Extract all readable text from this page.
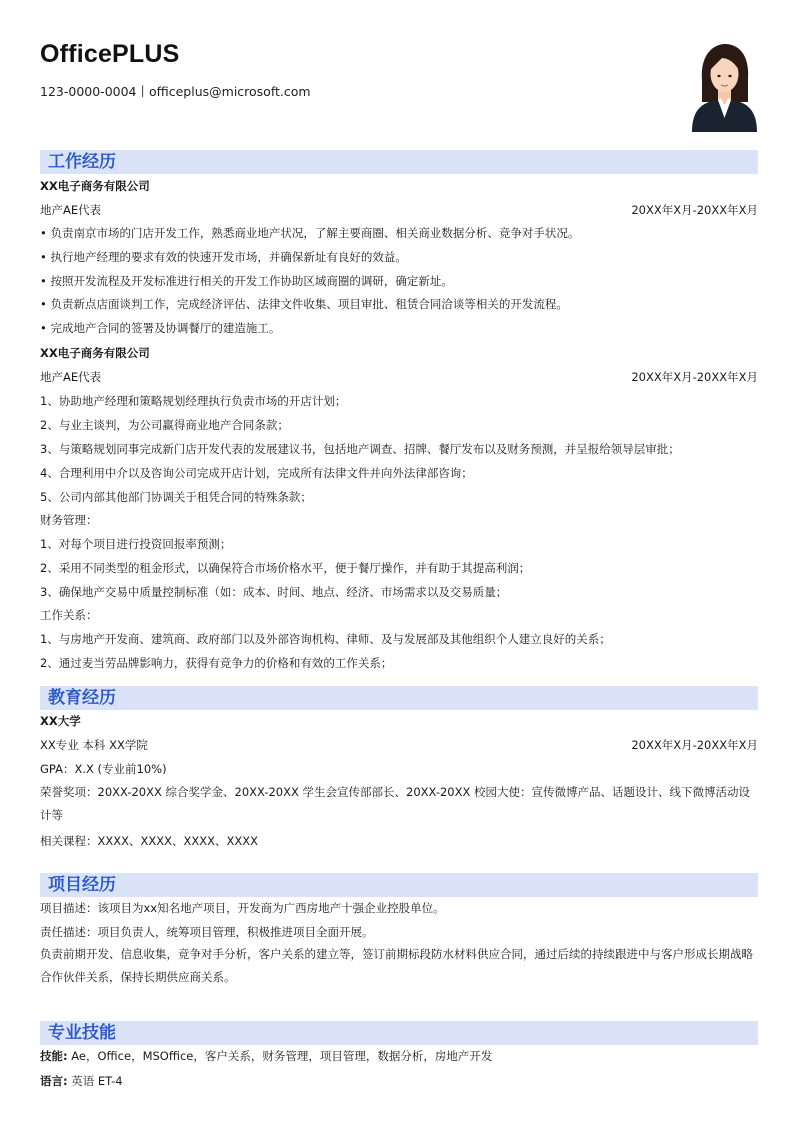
OfficePLUS
123-0000-0004丨officeplus@microsoft.com
工作经历
XX电子商务有限公司
地产AE代表	20XX年X月-20XX年X月
• 负责南京市场的门店开发工作，熟悉商业地产状况，了解主要商圈、相关商业数据分析、竞争对手状况。
• 执行地产经理的要求有效的快速开发市场，并确保新址有良好的效益。
• 按照开发流程及开发标准进行相关的开发工作协助区域商圈的调研，确定新址。
• 负责新点店面谈判工作，完成经济评估、法律文件收集、项目审批、租赁合同洽谈等相关的开发流程。
• 完成地产合同的签署及协调餐厅的建造施工。
XX电子商务有限公司
地产AE代表	20XX年X月-20XX年X月
1、协助地产经理和策略规划经理执行负责市场的开店计划；
2、与业主谈判，为公司赢得商业地产合同条款；
3、与策略规划同事完成新门店开发代表的发展建议书，包括地产调查、招牌、餐厅发布以及财务预测，并呈报给领导层审批；
4、合理利用中介以及咨询公司完成开店计划，完成所有法律文件并向外法律部咨询；
5、公司内部其他部门协调关于租凭合同的特殊条款；
财务管理：
1、对每个项目进行投资回报率预测；
2、采用不同类型的租金形式，以确保符合市场价格水平，便于餐厅操作，并有助于其提高利润；
3、确保地产交易中质量控制标准（如：成本、时间、地点、经济、市场需求以及交易质量；
工作关系：
1、与房地产开发商、建筑商、政府部门以及外部咨询机构、律师、及与发展部及其他组织个人建立良好的关系；
2、通过麦当劳品牌影响力，获得有竞争力的价格和有效的工作关系；
教育经历
XX大学
XX专业 本科 XX学院	20XX年X月-20XX年X月
GPA：X.X (专业前10%)
荣誉奖项：20XX-20XX 综合奖学金、20XX-20XX 学生会宣传部部长、20XX-20XX 校园大使：宣传微博产品、话题设计、线下微博活动设计等
相关课程：XXXX、XXXX、XXXX、XXXX
项目经历
项目描述：该项目为xx知名地产项目，开发商为广西房地产十强企业控股单位。
责任描述：项目负责人，统筹项目管理，积极推进项目全面开展。
负责前期开发、信息收集，竞争对手分析，客户关系的建立等，签订前期标段防水材料供应合同，通过后续的持续跟进中与客户形成长期战略合作伙伴关系，保持长期供应商关系。
专业技能
技能: Ae，Office，MSOffice，客户关系，财务管理，项目管理，数据分析，房地产开发
语言: 英语 ET-4
